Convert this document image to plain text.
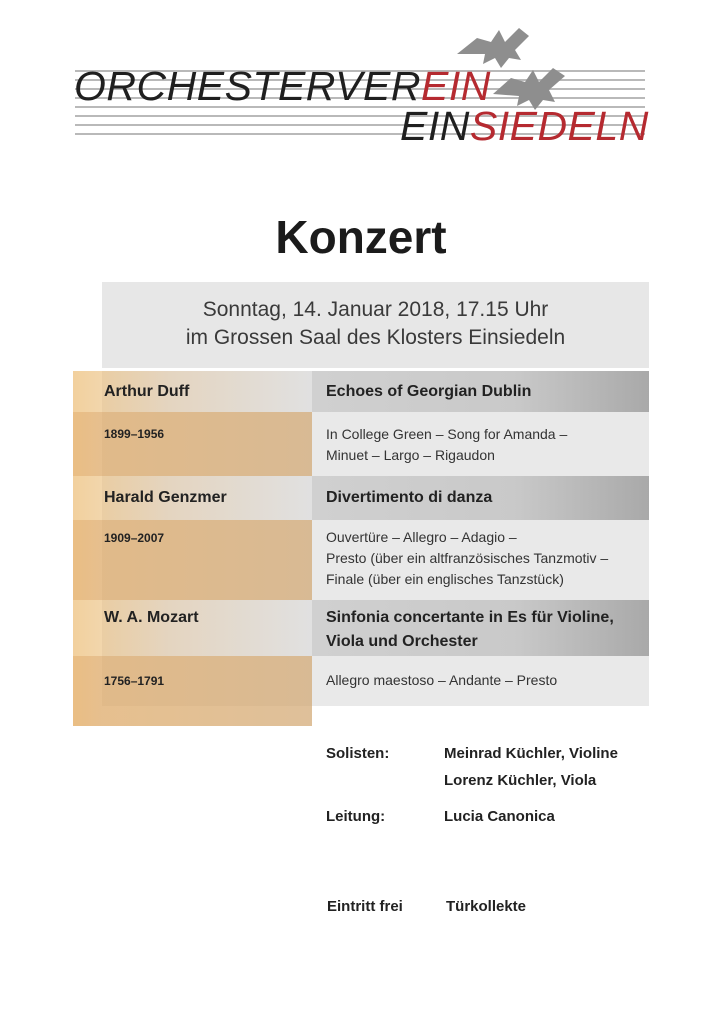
ORCHESTERVEREIN
EINSIEDELN
Konzert
Sonntag, 14. Januar 2018, 17.15 Uhr
im Grossen Saal des Klosters Einsiedeln
Arthur Duff	Echoes of Georgian Dublin
1899–1956	In College Green – Song for Amanda –
Minuet – Largo – Rigaudon
Harald Genzmer	Divertimento di danza
1909–2007	Ouvertüre – Allegro – Adagio –
Presto (über ein altfranzösisches Tanzmotiv –
Finale (über ein englisches Tanzstück)
W. A. Mozart	Sinfonia concertante in Es für Violine,
Viola und Orchester
1756–1791	Allegro maestoso – Andante – Presto
Solisten:	Meinrad Küchler, Violine
Lorenz Küchler, Viola
Leitung:	Lucia Canonica
Eintritt frei	Türkollekte
